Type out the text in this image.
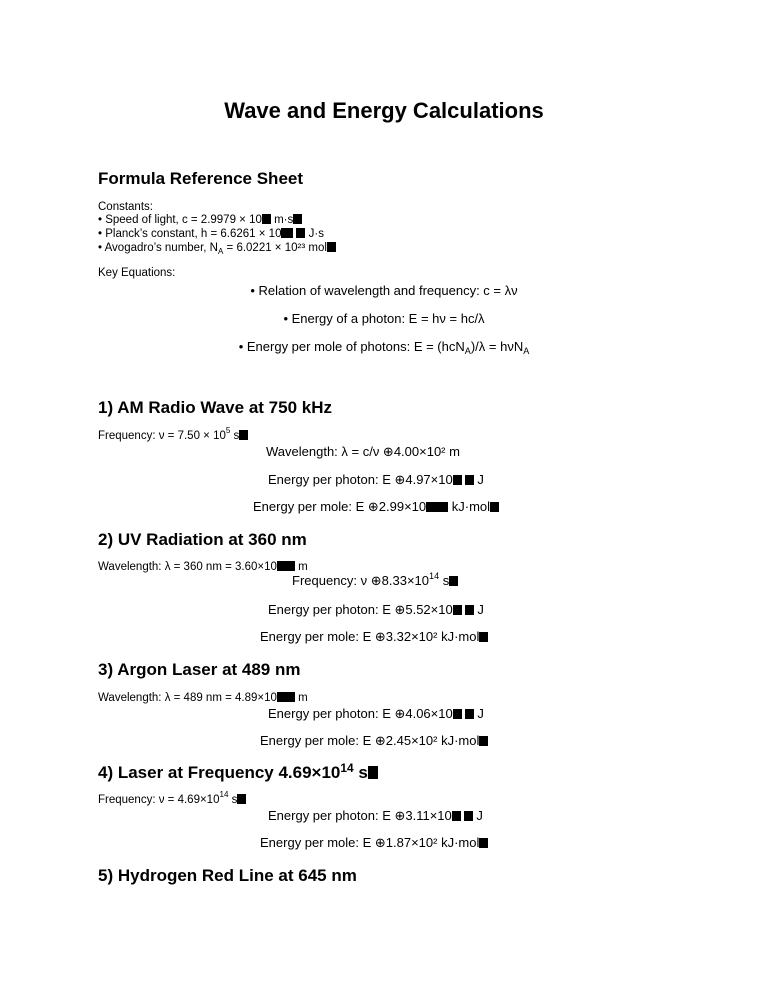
Wave and Energy Calculations
Formula Reference Sheet
Constants:
• Speed of light, c = 2.9979 × 10 m·s
• Planck’s constant, h = 6.6261 × 10 J·s
• Avogadro’s number, $N_A = 6.0221 \times 10^{23}$ mol
Key Equations:
• Relation of wavelength and frequency: c = λν
• Energy of a photon: E = hν = hc/λ
• Energy per mole of photons: E = (hcN$_A$)/λ = hνN$_A$
1) AM Radio Wave at 750 kHz
Frequency: $\nu = 7.50 \times 10^5$ s
Wavelength: λ = c/ν ⊕4.00×10² m
Energy per photon: E ⊕4.97×10 J
Energy per mole: E ⊕2.99×10 kJ·mol
2) UV Radiation at 360 nm
Wavelength: λ = 360 nm = 3.60×10 m
Frequency: ν $\oplus 8.33\times 10^{14}$ s
Energy per photon: E ⊕5.52×10 J
Energy per mole: E ⊕3.32×10² kJ·mol
3) Argon Laser at 489 nm
Wavelength: λ = 489 nm = 4.89×10 m
Energy per photon: E ⊕4.06×10 J
Energy per mole: E ⊕2.45×10² kJ·mol
4) Laser at Frequency $4.69\times 10^{14}$ s
Frequency: $\nu = 4.69\times 10^{14}$ s
Energy per photon: E ⊕3.11×10 J
Energy per mole: E ⊕1.87×10² kJ·mol
5) Hydrogen Red Line at 645 nm
